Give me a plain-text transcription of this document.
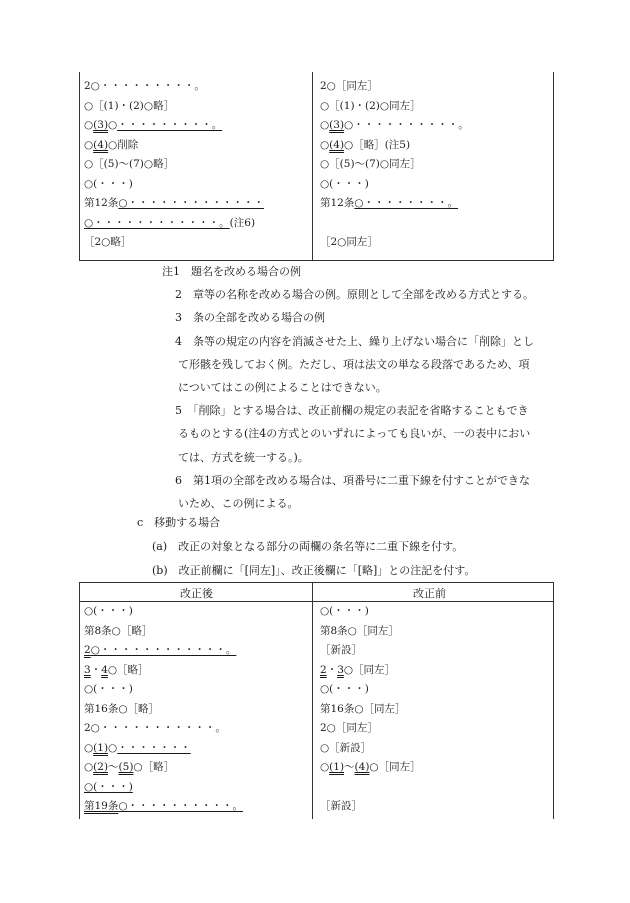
2○・・・・・・・・・。
○［(1)・(2)○略］
○(3)○・・・・・・・・・。
○(4)○削除
○［(5)～(7)○略］
○(・・・)
第12条○・・・・・・・・・・・・・
○・・・・・・・・・・・・。(注6)
［2○略］
2○［同左］
○［(1)・(2)○同左］
○(3)○・・・・・・・・・・。
○(4)○［略］(注5)
○［(5)～(7)○同左］
○(・・・)
第12条○・・・・・・・・。
［2○同左］
注1　題名を改める場合の例
2　章等の名称を改める場合の例。原則として全部を改める方式とする。
3　条の全部を改める場合の例
4　条等の規定の内容を消滅させた上、繰り上げない場合に「削除」とし
て形骸を残しておく例。ただし、項は法文の単なる段落であるため、項
についてはこの例によることはできない。
5　「削除」とする場合は、改正前欄の規定の表記を省略することもでき
るものとする(注4の方式とのいずれによっても良いが、一の表中におい
ては、方式を統一する。)。
6　第1項の全部を改める場合は、項番号に二重下線を付すことができな
いため、この例による。
c　移動する場合
(a)　改正の対象となる部分の両欄の条名等に二重下線を付す。
(b)　改正前欄に「[同左]」、改正後欄に「[略]」との注記を付す。
改正後	改正前
○(・・・)
第8条○［略］
2○・・・・・・・・・・・・。
3・4○［略］
○(・・・)
第16条○［略］
2○・・・・・・・・・・・。
○(1)○・・・・・・・
○(2)～(5)○［略］
○(・・・)
第19条○・・・・・・・・・・。
○(・・・)
第8条○［同左］
［新設］
2・3○［同左］
○(・・・)
第16条○［同左］
2○［同左］
○［新設］
○(1)～(4)○［同左］
［新設］
